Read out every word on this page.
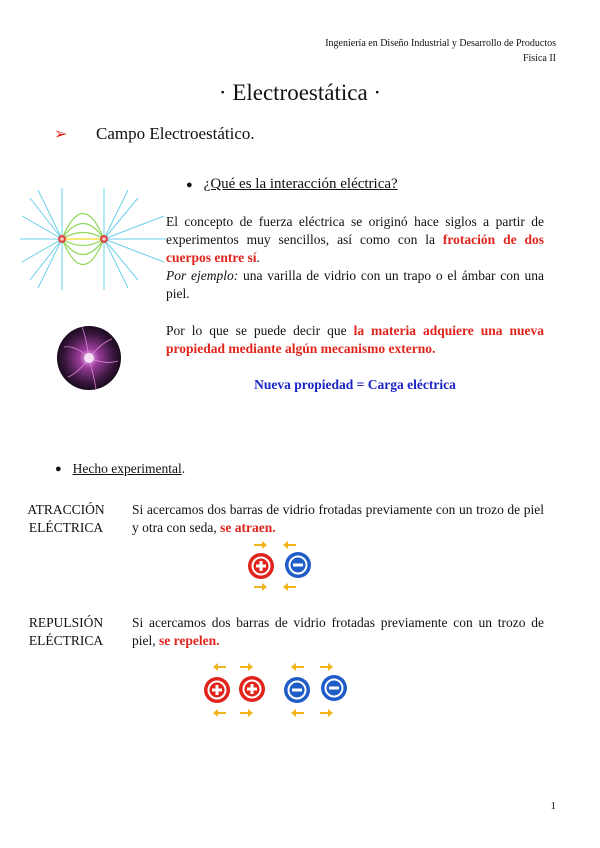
Ingeniería en Diseño Industrial y Desarrollo de Productos
Física II
· Electroestática ·
➢	Campo Electroestático.
● ¿Qué es la interacción eléctrica?
El concepto de fuerza eléctrica se originó hace siglos a partir de experimentos muy sencillos, así como con la frotación de dos cuerpos entre sí.
Por ejemplo: una varilla de vidrio con un trapo o el ámbar con una piel.
Por lo que se puede decir que la materia adquiere una nueva propiedad mediante algún mecanismo externo.
Nueva propiedad = Carga eléctrica
● Hecho experimental .
ATRACCIÓN
ELÉCTRICA
Si acercamos dos barras de vidrio frotadas previamente con un trozo de piel y otra con seda, se atraen.
REPULSIÓN
ELÉCTRICA
Si acercamos dos barras de vidrio frotadas previamente con un trozo de piel, se repelen.
1
